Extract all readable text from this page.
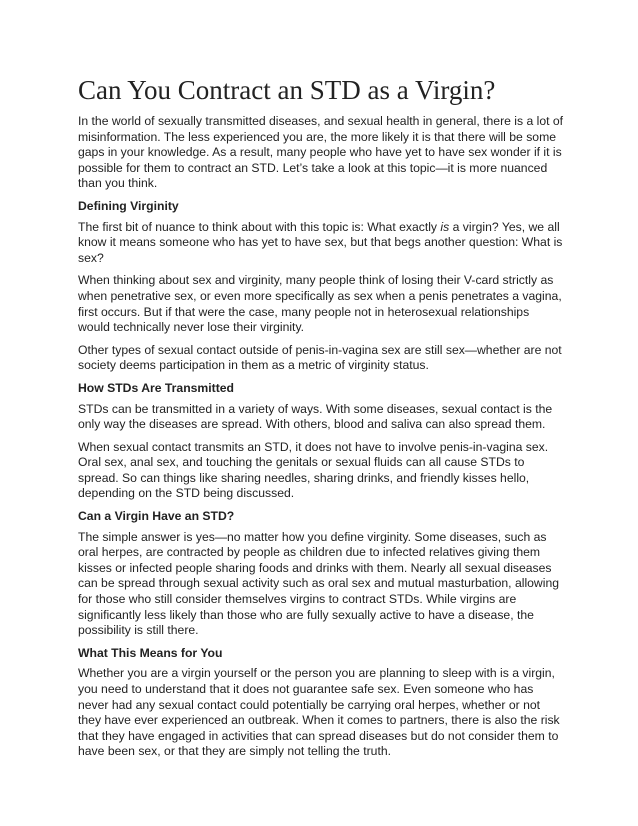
Can You Contract an STD as a Virgin?

In the world of sexually transmitted diseases, and sexual health in general, there is a lot of misinformation. The less experienced you are, the more likely it is that there will be some gaps in your knowledge. As a result, many people who have yet to have sex wonder if it is possible for them to contract an STD. Let’s take a look at this topic—it is more nuanced than you think.

Defining Virginity

The first bit of nuance to think about with this topic is: What exactly is a virgin? Yes, we all know it means someone who has yet to have sex, but that begs another question: What is sex?

When thinking about sex and virginity, many people think of losing their V-card strictly as when penetrative sex, or even more specifically as sex when a penis penetrates a vagina, first occurs. But if that were the case, many people not in heterosexual relationships would technically never lose their virginity.

Other types of sexual contact outside of penis-in-vagina sex are still sex—whether are not society deems participation in them as a metric of virginity status.

How STDs Are Transmitted

STDs can be transmitted in a variety of ways. With some diseases, sexual contact is the only way the diseases are spread. With others, blood and saliva can also spread them.

When sexual contact transmits an STD, it does not have to involve penis-in-vagina sex. Oral sex, anal sex, and touching the genitals or sexual fluids can all cause STDs to spread. So can things like sharing needles, sharing drinks, and friendly kisses hello, depending on the STD being discussed.

Can a Virgin Have an STD?

The simple answer is yes—no matter how you define virginity. Some diseases, such as oral herpes, are contracted by people as children due to infected relatives giving them kisses or infected people sharing foods and drinks with them. Nearly all sexual diseases can be spread through sexual activity such as oral sex and mutual masturbation, allowing for those who still consider themselves virgins to contract STDs. While virgins are significantly less likely than those who are fully sexually active to have a disease, the possibility is still there.

What This Means for You

Whether you are a virgin yourself or the person you are planning to sleep with is a virgin, you need to understand that it does not guarantee safe sex. Even someone who has never had any sexual contact could potentially be carrying oral herpes, whether or not they have ever experienced an outbreak. When it comes to partners, there is also the risk that they have engaged in activities that can spread diseases but do not consider them to have been sex, or that they are simply not telling the truth.
